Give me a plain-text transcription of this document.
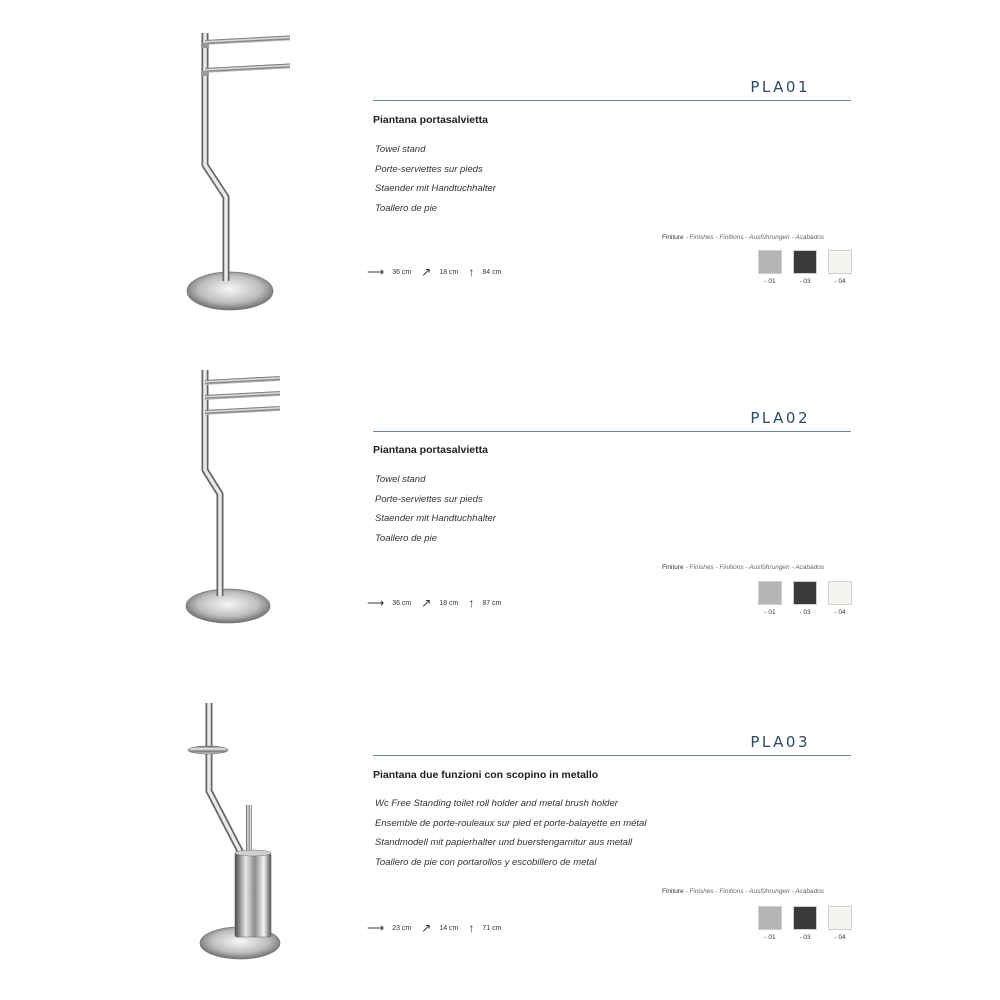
PLA01
Piantana portasalvietta
Towel stand
Porte-serviettes sur pieds
Staender mit Handtuchhalter
Toallero de pie
Finiture - Finishes - Finitions - Ausführungen - Acabados
⟶ 36 cm ↗ 18 cm ↑ 84 cm
- 01	- 03	- 04
PLA02
Piantana portasalvietta
Towel stand
Porte-serviettes sur pieds
Staender mit Handtuchhalter
Toallero de pie
Finiture - Finishes - Finitions - Ausführungen - Acabados
⟶ 36 cm ↗ 18 cm ↑ 87 cm
- 01	- 03	- 04
PLA03
Piantana due funzioni con scopino in metallo
Wc Free Standing toilet roll holder and metal brush holder
Ensemble de porte-rouleaux sur pied et porte-balayette en métal
Standmodell mit papierhalter und buerstengarnitur aus metall
Toallero de pie con portarollos y escobillero de metal
Finiture - Finishes - Finitions - Ausführungen - Acabados
⟶ 23 cm ↗ 14 cm ↑ 71 cm
- 01	- 03	- 04
